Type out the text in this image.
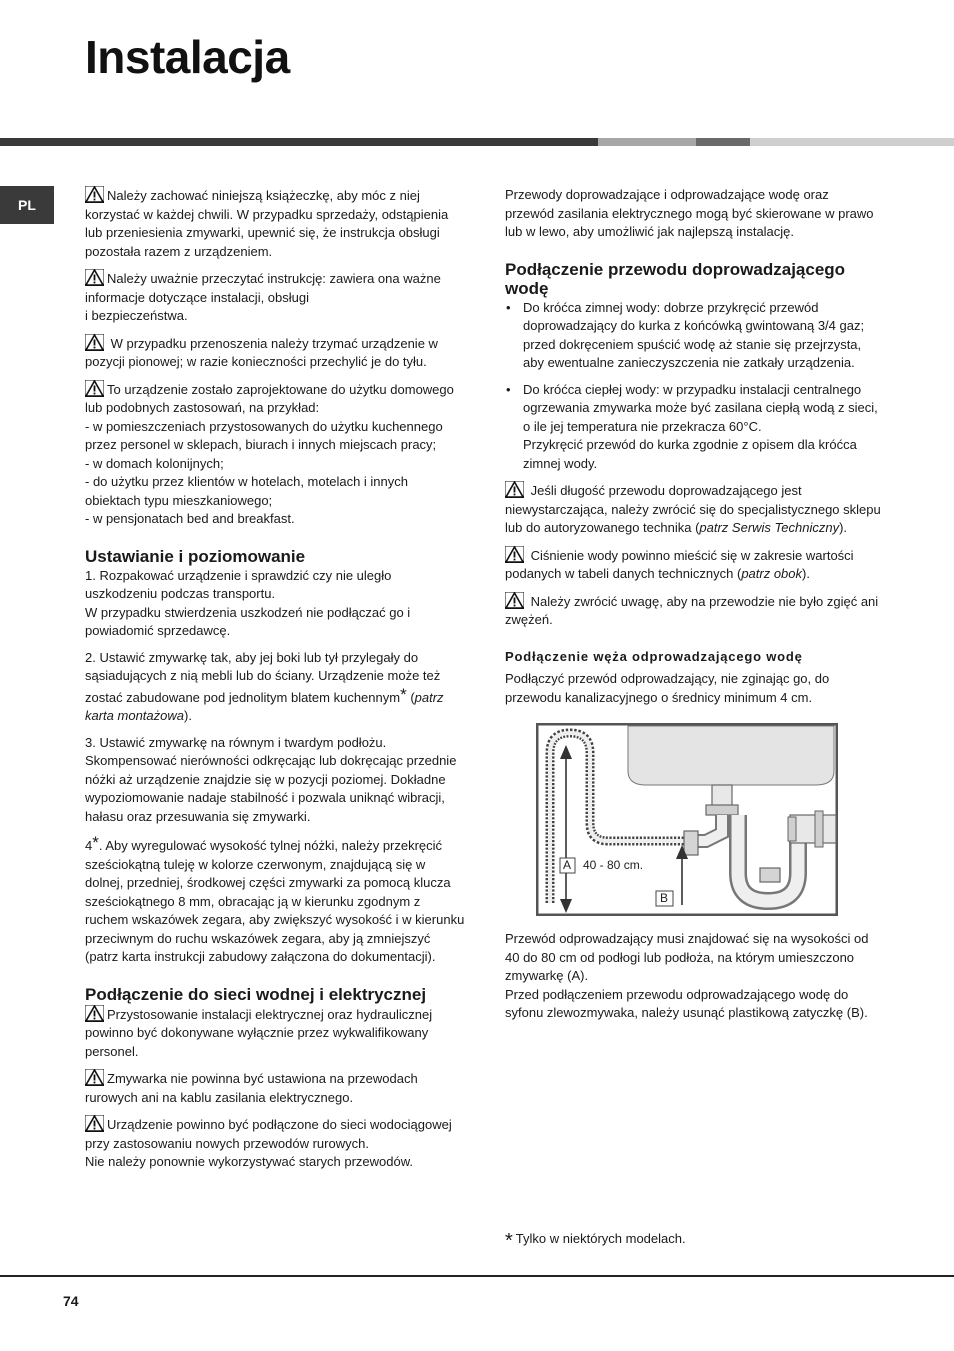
Instalacja
PL

Należy zachować niniejszą książeczkę, aby móc z niej korzystać w każdej chwili. W przypadku sprzedaży, odstąpienia lub przeniesienia zmywarki, upewnić się, że instrukcja obsługi pozostała razem z urządzeniem.

Należy uważnie przeczytać instrukcję: zawiera ona ważne informacje dotyczące instalacji, obsługi
i bezpieczeństwa.

W przypadku przenoszenia należy trzymać urządzenie w pozycji pionowej; w razie konieczności przechylić je do tyłu.

To urządzenie zostało zaprojektowane do użytku domowego lub podobnych zastosowań, na przykład:
- w pomieszczeniach przystosowanych do użytku kuchennego przez personel w sklepach, biurach i innych miejscach pracy;
- w domach kolonijnych;
- do użytku przez klientów w hotelach, motelach i innych obiektach typu mieszkaniowego;
- w pensjonatach bed and breakfast.

Ustawianie i poziomowanie

1. Rozpakować urządzenie i sprawdzić czy nie uległo uszkodzeniu podczas transportu.
W przypadku stwierdzenia uszkodzeń nie podłączać go i powiadomić sprzedawcę.

2. Ustawić zmywarkę tak, aby jej boki lub tył przylegały do sąsiadujących z nią mebli lub do ściany. Urządzenie może też zostać zabudowane pod jednolitym blatem kuchennym* (patrz karta montażowa).

3. Ustawić zmywarkę na równym i twardym podłożu. Skompensować nierówności odkręcając lub dokręcając przednie nóżki aż urządzenie znajdzie się w pozycji poziomej. Dokładne wypoziomowanie nadaje stabilność i pozwala uniknąć wibracji, hałasu oraz przesuwania się zmywarki.

4*. Aby wyregulować wysokość tylnej nóżki, należy przekręcić sześciokątną tuleję w kolorze czerwonym, znajdującą się w dolnej, przedniej, środkowej części zmywarki za pomocą klucza sześciokątnego 8 mm, obracając ją w kierunku zgodnym z ruchem wskazówek zegara, aby zwiększyć wysokość i w kierunku przeciwnym do ruchu wskazówek zegara, aby ją zmniejszyć (patrz karta instrukcji zabudowy załączona do dokumentacji).

Podłączenie do sieci wodnej i elektrycznej

Przystosowanie instalacji elektrycznej oraz hydraulicznej powinno być dokonywane wyłącznie przez wykwalifikowany personel.

Zmywarka nie powinna być ustawiona na przewodach rurowych ani na kablu zasilania elektrycznego.

Urządzenie powinno być podłączone do sieci wodociągowej przy zastosowaniu nowych przewodów rurowych.
Nie należy ponownie wykorzystywać starych przewodów.

Przewody doprowadzające i odprowadzające wodę oraz przewód zasilania elektrycznego mogą być skierowane w prawo lub w lewo, aby umożliwić jak najlepszą instalację.

Podłączenie przewodu doprowadzającego wodę
• Do króćca zimnej wody: dobrze przykręcić przewód doprowadzający do kurka z końcówką gwintowaną 3/4 gaz; przed dokręceniem spuścić wodę aż stanie się przejrzysta, aby ewentualne zanieczyszczenia nie zatkały urządzenia.
• Do króćca ciepłej wody: w przypadku instalacji centralnego ogrzewania zmywarka może być zasilana ciepłą wodą z sieci, o ile jej temperatura nie przekracza 60°C.
Przykręcić przewód do kurka zgodnie z opisem dla króćca zimnej wody.

Jeśli długość przewodu doprowadzającego jest niewystarczająca, należy zwrócić się do specjalistycznego sklepu lub do autoryzowanego technika (patrz Serwis Techniczny).

Ciśnienie wody powinno mieścić się w zakresie wartości podanych w tabeli danych technicznych (patrz obok).

Należy zwrócić uwagę, aby na przewodzie nie było zgięć ani zwężeń.

Podłączenie węża odprowadzającego wodę

Podłączyć przewód odprowadzający, nie zginając go, do przewodu kanalizacyjnego o średnicy minimum 4 cm.

A
B
40 - 80 cm.

Przewód odprowadzający musi znajdować się na wysokości od 40 do 80 cm od podłogi lub podłoża, na którym umieszczono zmywarkę (A).
Przed podłączeniem przewodu odprowadzającego wodę do syfonu zlewozmywaka, należy usunąć plastikową zatyczkę (B).

* Tylko w niektórych modelach.
74
